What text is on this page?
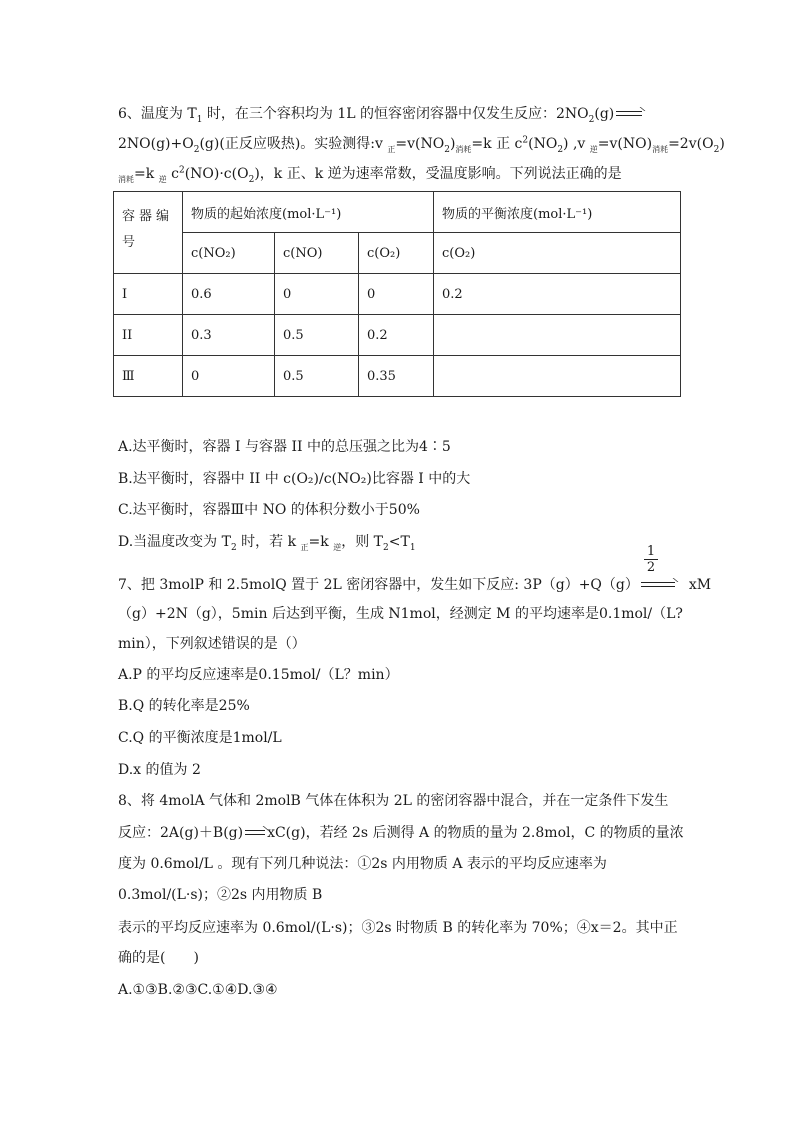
6、温度为 $T_1$ 时，在三个容积均为 1L 的恒容密闭容器中仅发生反应：$2NO_2(g)$
$2NO(g)+O_2(g)$(正反应吸热)。实验测得:v $_正=v(NO_2)_{消耗}=k$ 正 $c^2(NO_2)$ ,v $_逆=v(NO)_{消耗}=2v(O_2)$
$_{消耗}$=k $_逆$ $c^2(NO)\cdot c(O_2)$，k 正、k 逆为速率常数，受温度影响。下列说法正确的是
容器编号	物质的起始浓度(mol·L⁻¹)			物质的平衡浓度(mol·L⁻¹)
	c(NO₂)	c(NO)	c(O₂)	c(O₂)
I	0.6	0	0	0.2
II	0.3	0.5	0.2	
Ⅲ	0	0.5	0.35	
A.达平衡时，容器 I 与容器 II 中的总压强之比为4∶5
B.达平衡时，容器中 II 中 c(O₂)/c(NO₂)比容器 I 中的大
C.达平衡时，容器Ⅲ中 NO 的体积分数小于50%
D.当温度改变为 $T_2$ 时，若 k $_正$=k $_逆$，则 $T_2<T_1$
7、把 3molP 和 2.5molQ 置于 2L 密闭容器中，发生如下反应: 3P（g）+Q（g）	xM
$\frac{1}{2}$
（g）+2N（g），5min 后达到平衡，生成 N1mol，经测定 M 的平均速率是0.1mol/（L?
min），下列叙述错误的是（）
A.P 的平均反应速率是0.15mol/（L？min）
B.Q 的转化率是25%
C.Q 的平衡浓度是1mol/L
D.x 的值为 2
8、将 4molA 气体和 2molB 气体在体积为 2L 的密闭容器中混合，并在一定条件下发生
反应：2A(g)＋B(g) xC(g)，若经 2s 后测得 A 的物质的量为 2.8mol，C 的物质的量浓
度为 0.6mol/L 。现有下列几种说法：①2s 内用物质 A 表示的平均反应速率为
0.3mol/(L·s)；②2s 内用物质 B
表示的平均反应速率为 0.6mol/(L·s)；③2s 时物质 B 的转化率为 70%；④x＝2。其中正
确的是(　　)
A.①③B.②③C.①④D.③④
